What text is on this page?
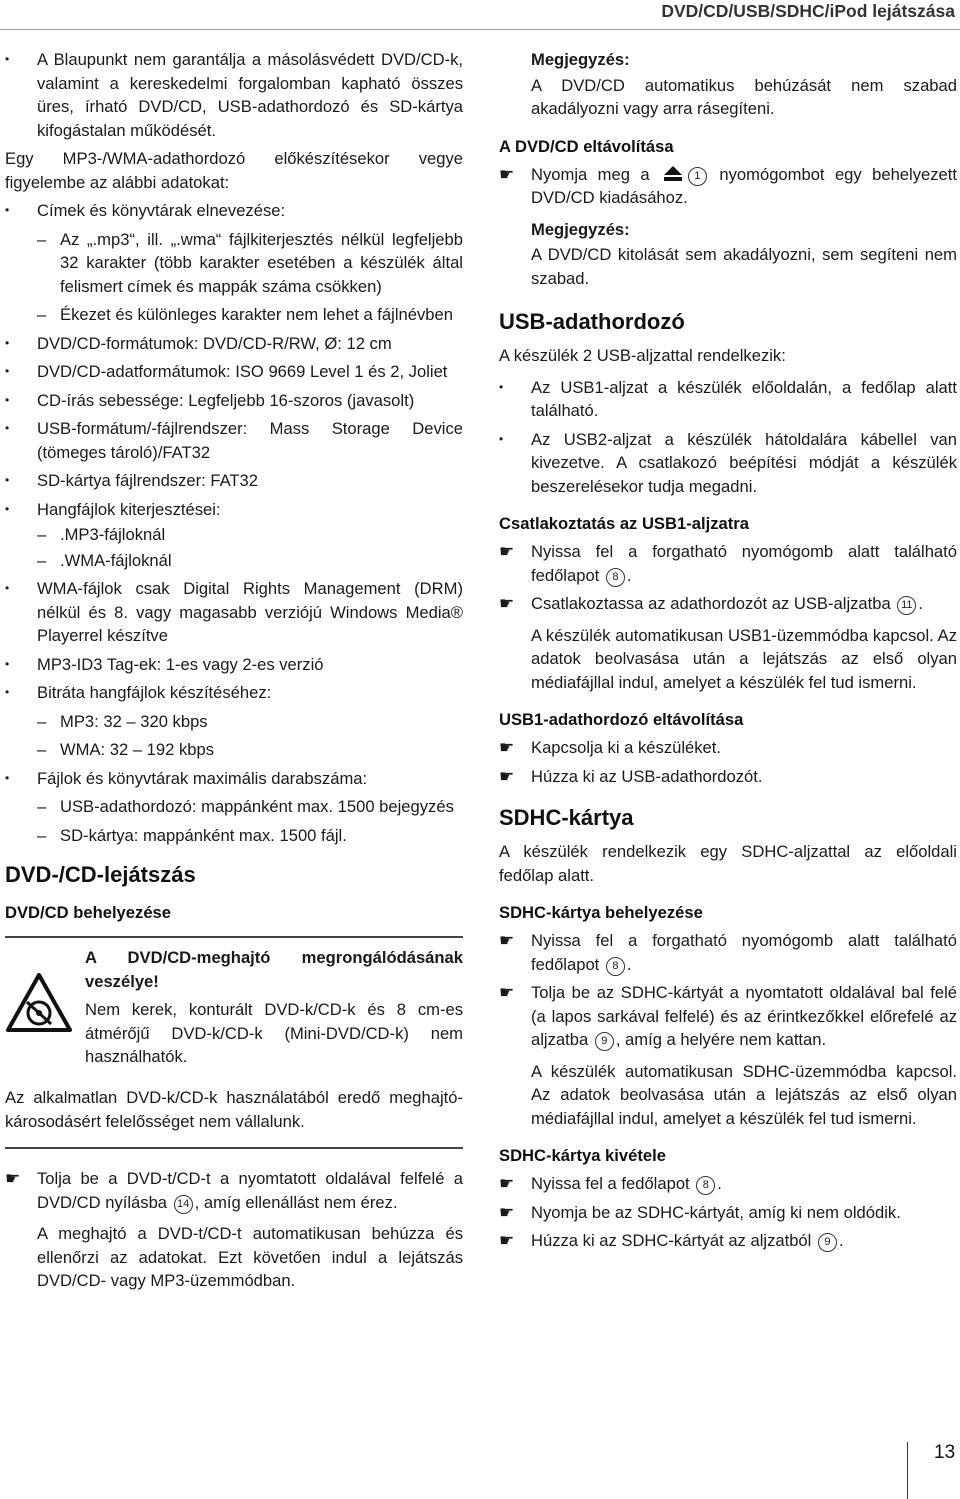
DVD/CD/USB/SDHC/iPod lejátszása

• A Blaupunkt nem garantálja a másolásvédett DVD/CD-k, valamint a kereskedelmi forgalomban kapható összes üres, írható DVD/CD, USB-adathordozó és SD-kártya kifogástalan működését.

Egy MP3-/WMA-adathordozó előkészítésekor vegye figyelembe az alábbi adatokat:

• Címek és könyvtárak elnevezése:

– Az „.mp3“, ill. „.wma“ fájlkiterjesztés nélkül legfeljebb 32 karakter (több karakter esetében a készülék által felismert címek és mappák száma csökken)

– Ékezet és különleges karakter nem lehet a fájlnévben

• DVD/CD-formátumok: DVD/CD-R/RW, Ø: 12 cm

• DVD/CD-adatformátumok: ISO 9669 Level 1 és 2, Joliet

• CD-írás sebessége: Legfeljebb 16-szoros (javasolt)

• USB-formátum/-fájlrendszer: Mass Storage Device (tömeges tároló)/FAT32

• SD-kártya fájlrendszer: FAT32

• Hangfájlok kiterjesztései:

– .MP3-fájloknál

– .WMA-fájloknál

• WMA-fájlok csak Digital Rights Management (DRM) nélkül és 8. vagy magasabb verziójú Windows Media® Playerrel készítve

• MP3-ID3 Tag-ek: 1-es vagy 2-es verzió

• Bitráta hangfájlok készítéséhez:

– MP3: 32 – 320 kbps

– WMA: 32 – 192 kbps

• Fájlok és könyvtárak maximális darabszáma:

– USB-adathordozó: mappánként max. 1500 bejegyzés

– SD-kártya: mappánként max. 1500 fájl.

DVD-/CD-lejátszás

DVD/CD behelyezése

A DVD/CD-meghajtó megrongálódásának veszélye!

Nem kerek, konturált DVD-k/CD-k és 8 cm-es átmérőjű DVD-k/CD-k (Mini-DVD/CD-k) nem használhatók.

Az alkalmatlan DVD-k/CD-k használatából eredő meghajtó-károsodásért felelősséget nem vállalunk.

☛ Tolja be a DVD-t/CD-t a nyomtatott oldalával felfelé a DVD/CD nyílásba 14 , amíg ellenállást nem érez.

A meghajtó a DVD-t/CD-t automatikusan behúzza és ellenőrzi az adatokat. Ezt követően indul a lejátszás DVD/CD- vagy MP3-üzemmódban.

Megjegyzés:

A DVD/CD automatikus behúzását nem szabad akadályozni vagy arra rásegíteni.

A DVD/CD eltávolítása

☛ Nyomja meg a	1 nyomógombot egy behelyezett DVD/CD kiadásához.

Megjegyzés:

A DVD/CD kitolását sem akadályozni, sem segíteni nem szabad.

USB-adathordozó

A készülék 2 USB-aljzattal rendelkezik:

• Az USB1-aljzat a készülék előoldalán, a fedőlap alatt található.

• Az USB2-aljzat a készülék hátoldalára kábellel van kivezetve. A csatlakozó beépítési módját a készülék beszerelésekor tudja megadni.

Csatlakoztatás az USB1-aljzatra

☛ Nyissa fel a forgatható nyomógomb alatt található fedőlapot 8 .

☛ Csatlakoztassa az adathordozót az USB-aljzatba 11 .

A készülék automatikusan USB1-üzemmódba kapcsol. Az adatok beolvasása után a lejátszás az első olyan médiafájllal indul, amelyet a készülék fel tud ismerni.

USB1-adathordozó eltávolítása

☛ Kapcsolja ki a készüléket.

☛ Húzza ki az USB-adathordozót.

SDHC-kártya

A készülék rendelkezik egy SDHC-aljzattal az előoldali fedőlap alatt.

SDHC-kártya behelyezése

☛ Nyissa fel a forgatható nyomógomb alatt található fedőlapot 8 .

☛ Tolja be az SDHC-kártyát a nyomtatott oldalával bal felé (a lapos sarkával felfelé) és az érintkezőkkel előrefelé az aljzatba 9 , amíg a helyére nem kattan.

A készülék automatikusan SDHC-üzemmódba kapcsol. Az adatok beolvasása után a lejátszás az első olyan médiafájllal indul, amelyet a készülék fel tud ismerni.

SDHC-kártya kivétele

☛ Nyissa fel a fedőlapot 8 .

☛ Nyomja be az SDHC-kártyát, amíg ki nem oldódik.

☛ Húzza ki az SDHC-kártyát az aljzatból 9 .

13
